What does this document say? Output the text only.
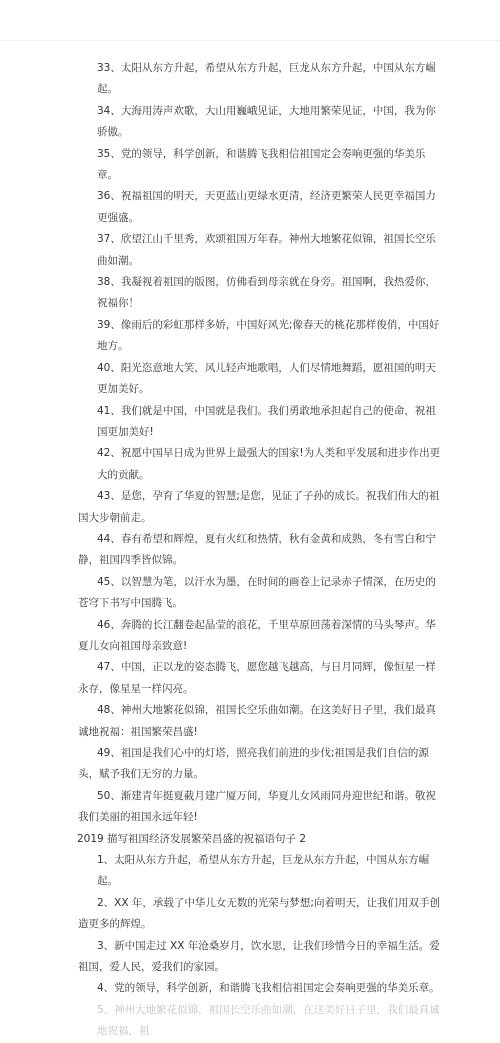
33、太阳从东方升起，希望从东方升起，巨龙从东方升起，中国从东方崛起。

34、大海用涛声欢歌，大山用巍峨见证，大地用繁荣见证，中国，我为你骄傲。

35、党的领导，科学创新，和谐腾飞我相信祖国定会奏响更强的华美乐章。

36、祝福祖国的明天，天更蓝山更绿水更清，经济更繁荣人民更幸福国力更强盛。

37、欣望江山千里秀，欢颂祖国万年春。神州大地繁花似锦，祖国长空乐曲如潮。

38、我凝视着祖国的版图，仿佛看到母亲就在身旁。祖国啊，我热爱你，祝福你！

39、像雨后的彩虹那样多娇，中国好风光;像春天的桃花那样俊俏，中国好地方。

40、阳光恣意地大笑，风儿轻声地歌唱，人们尽情地舞蹈，愿祖国的明天更加美好。

41、我们就是中国，中国就是我们。我们勇敢地承担起自己的使命，祝祖国更加美好!

42、祝愿中国早日成为世界上最强大的国家!为人类和平发展和进步作出更大的贡献。

43、是您，孕育了华夏的智慧;是您，见证了子孙的成长。祝我们伟大的祖国大步朝前走。

44、春有希望和辉煌，夏有火红和热情，秋有金黄和成熟，冬有雪白和宁静，祖国四季皆似锦。

45、以智慧为笔，以汗水为墨，在时间的画卷上记录赤子情深，在历史的苍穹下书写中国腾飞。

46、奔腾的长江翻卷起晶莹的浪花，千里草原回荡着深情的马头琴声。华夏儿女向祖国母亲致意!

47、中国，正以龙的姿态腾飞，愿您越飞越高，与日月同辉，像恒星一样永存，像星星一样闪亮。

48、神州大地繁花似锦，祖国长空乐曲如潮。在这美好日子里，我们最真诚地祝福：祖国繁荣昌盛!

49、祖国是我们心中的灯塔，照亮我们前进的步伐;祖国是我们自信的源头，赋予我们无穷的力量。

50、渐建青年挺夏截月建广厦万间，华夏儿女风雨同舟迎世纪和谐。敬祝我们美丽的祖国永远年轻!

2019 描写祖国经济发展繁荣昌盛的祝福语句子 2

1、太阳从东方升起，希望从东方升起，巨龙从东方升起，中国从东方崛起。

2、XX 年，承载了中华儿女无数的光荣与梦想;向着明天，让我们用双手创造更多的辉煌。

3、新中国走过 XX 年沧桑岁月，饮水思，让我们珍惜今日的幸福生活。爱祖国，爱人民，爱我们的家园。

4、党的领导，科学创新，和谐腾飞我相信祖国定会奏响更强的华美乐章。

5、神州大地繁花似锦，祖国长空乐曲如潮，在这美好日子里，我们最真诚地祝福，祖
